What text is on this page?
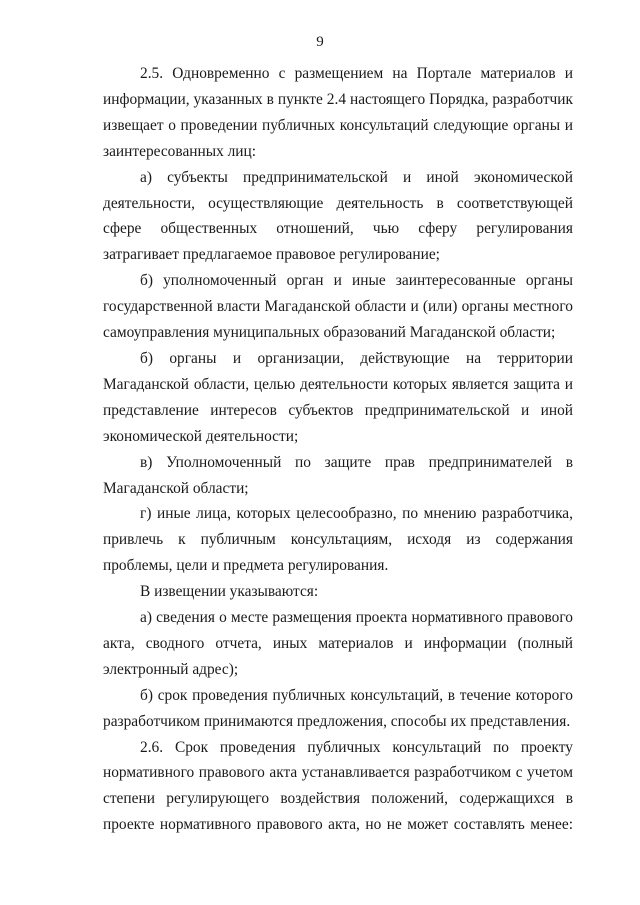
9

2.5. Одновременно с размещением на Портале материалов и информации, указанных в пункте 2.4 настоящего Порядка, разработчик извещает о проведении публичных консультаций следующие органы и заинтересованных лиц:

а) субъекты предпринимательской и иной экономической деятельности, осуществляющие деятельность в соответствующей сфере общественных отношений, чью сферу регулирования затрагивает предлагаемое правовое регулирование;

б) уполномоченный орган и иные заинтересованные органы государственной власти Магаданской области и (или) органы местного самоуправления муниципальных образований Магаданской области;

б) органы и организации, действующие на территории Магаданской области, целью деятельности которых является защита и представление интересов субъектов предпринимательской и иной экономической деятельности;

в) Уполномоченный по защите прав предпринимателей в Магаданской области;

г) иные лица, которых целесообразно, по мнению разработчика, привлечь к публичным консультациям, исходя из содержания проблемы, цели и предмета регулирования.

В извещении указываются:

а) сведения о месте размещения проекта нормативного правового акта, сводного отчета, иных материалов и информации (полный электронный адрес);

б) срок проведения публичных консультаций, в течение которого разработчиком принимаются предложения, способы их представления.

2.6. Срок проведения публичных консультаций по проекту нормативного правового акта устанавливается разработчиком с учетом степени регулирующего воздействия положений, содержащихся в проекте нормативного правового акта, но не может составлять менее:
